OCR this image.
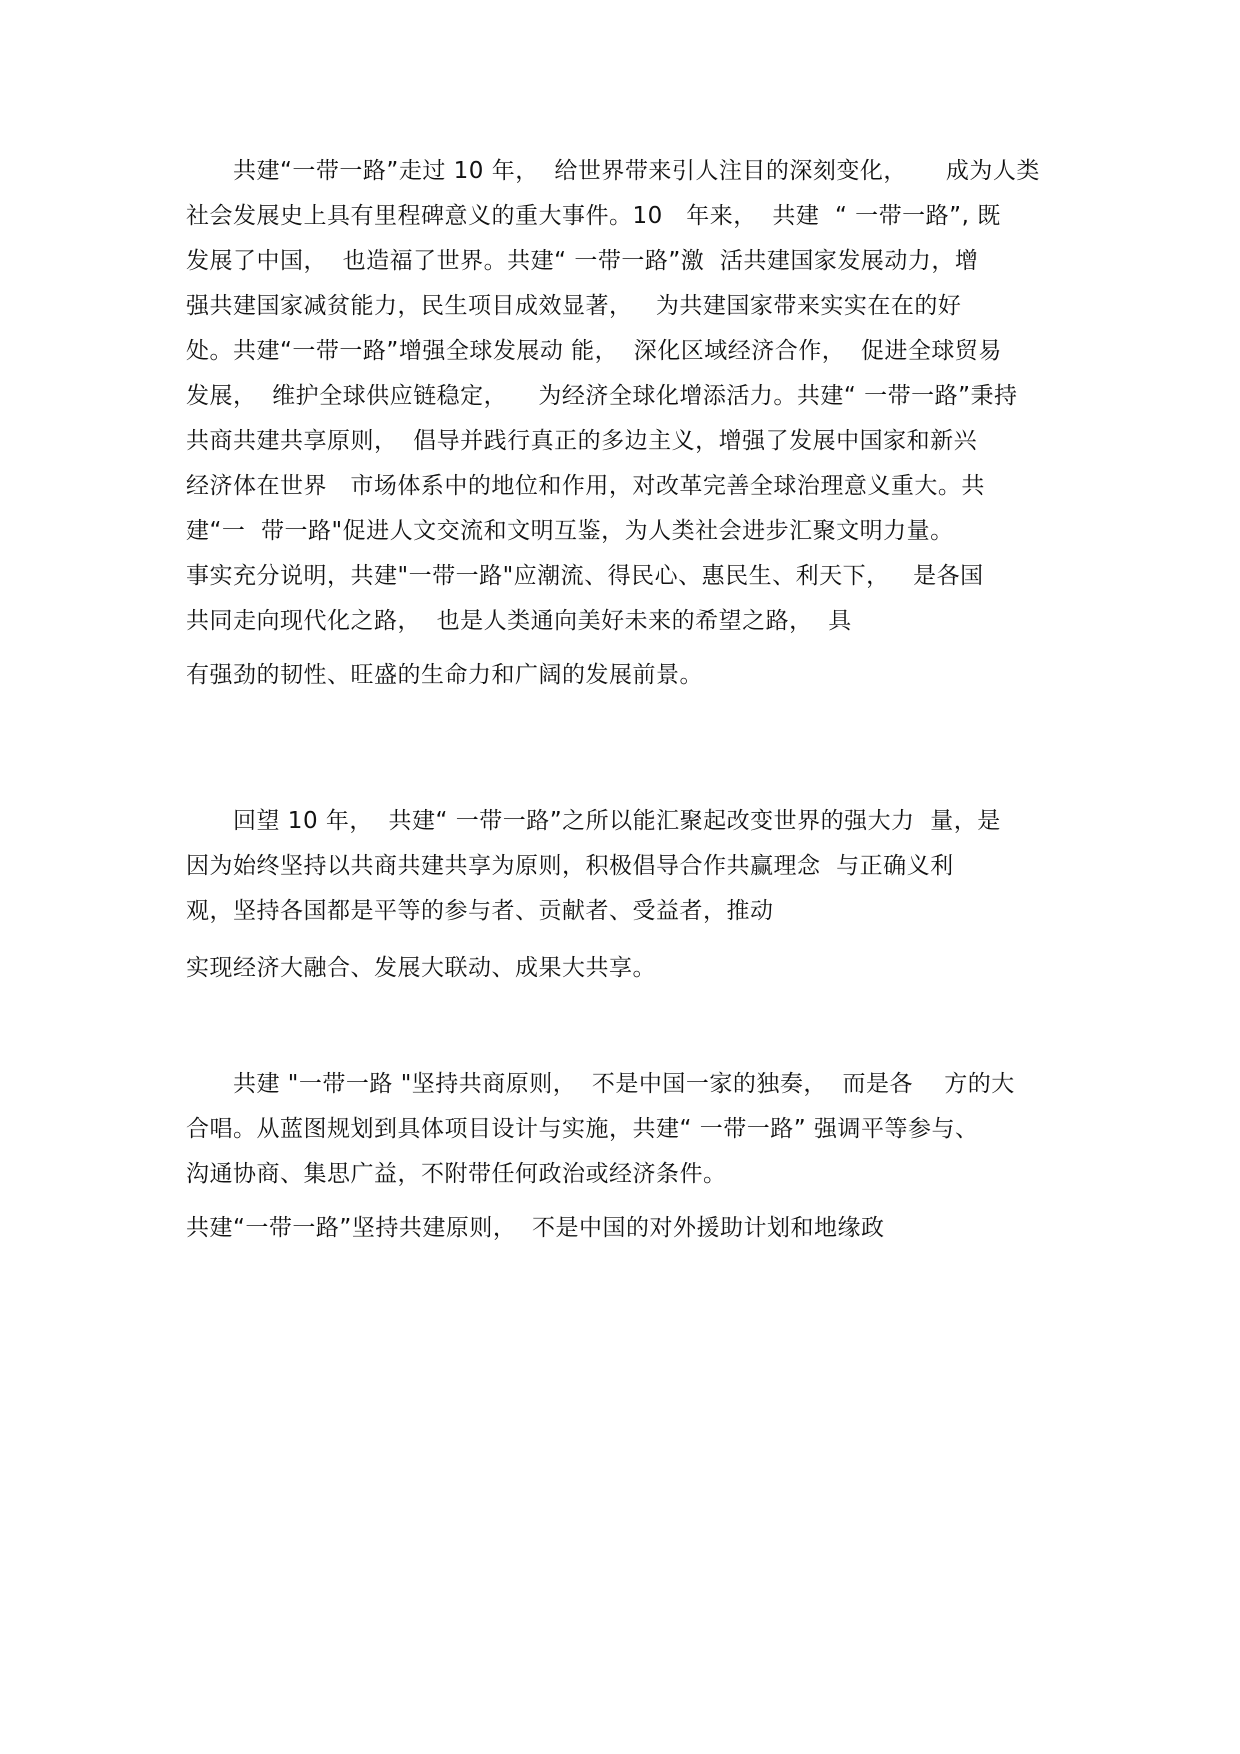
　　共建“一带一路”走过 10 年，  给世界带来引人注目的深刻变化，     成为人类
社会发展史上具有里程碑意义的重大事件。10   年来，  共建  “ 一带一路”, 既
发展了中国，  也造福了世界。共建“ 一带一路”激  活共建国家发展动力，增
强共建国家减贫能力，民生项目成效显著，   为共建国家带来实实在在的好
处。共建“一带一路”增强全球发展动 能，  深化区域经济合作，  促进全球贸易
发展，  维护全球供应链稳定，    为经济全球化增添活力。共建“ 一带一路”秉持
共商共建共享原则，  倡导并践行真正的多边主义，增强了发展中国家和新兴
经济体在世界   市场体系中的地位和作用，对改革完善全球治理意义重大。共
建“一  带一路"促进人文交流和文明互鉴，为人类社会进步汇聚文明力量。
事实充分说明，共建"一带一路"应潮流、得民心、惠民生、利天下，   是各国
共同走向现代化之路，  也是人类通向美好未来的希望之路，  具
有强劲的韧性、旺盛的生命力和广阔的发展前景。
　　回望 10 年，  共建“ 一带一路”之所以能汇聚起改变世界的强大力  量，是
因为始终坚持以共商共建共享为原则，积极倡导合作共赢理念  与正确义利
观，坚持各国都是平等的参与者、贡献者、受益者，推动
实现经济大融合、发展大联动、成果大共享。
　　共建 "一带一路 "坚持共商原则，  不是中国一家的独奏，  而是各    方的大
合唱。从蓝图规划到具体项目设计与实施，共建“ 一带一路” 强调平等参与、
沟通协商、集思广益，不附带任何政治或经济条件。
共建“一带一路”坚持共建原则，  不是中国的对外援助计划和地缘政
